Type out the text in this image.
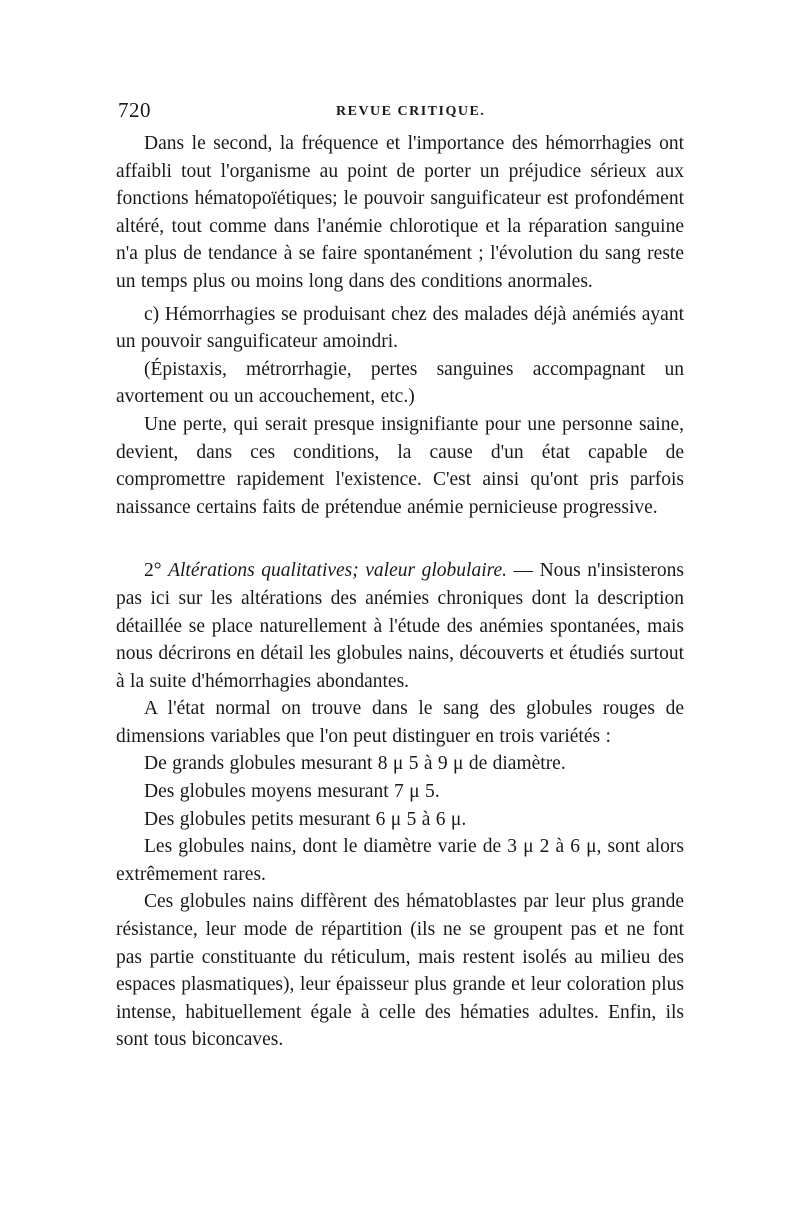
720	REVUE CRITIQUE.

Dans le second, la fréquence et l'importance des hémorrhagies ont affaibli tout l'organisme au point de porter un préjudice sérieux aux fonctions hématopoïétiques; le pouvoir sanguificateur est profondément altéré, tout comme dans l'anémie chlorotique et la réparation sanguine n'a plus de tendance à se faire spontanément ; l'évolution du sang reste un temps plus ou moins long dans des conditions anormales.

c) Hémorrhagies se produisant chez des malades déjà anémiés ayant un pouvoir sanguificateur amoindri.

(Épistaxis, métrorrhagie, pertes sanguines accompagnant un avortement ou un accouchement, etc.)

Une perte, qui serait presque insignifiante pour une personne saine, devient, dans ces conditions, la cause d'un état capable de compromettre rapidement l'existence. C'est ainsi qu'ont pris parfois naissance certains faits de prétendue anémie pernicieuse progressive.

2° Altérations qualitatives; valeur globulaire. — Nous n'insisterons pas ici sur les altérations des anémies chroniques dont la description détaillée se place naturellement à l'étude des anémies spontanées, mais nous décrirons en détail les globules nains, découverts et étudiés surtout à la suite d'hémorrhagies abondantes.

A l'état normal on trouve dans le sang des globules rouges de dimensions variables que l'on peut distinguer en trois variétés :

De grands globules mesurant 8 μ 5 à 9 μ de diamètre.

Des globules moyens mesurant 7 μ 5.

Des globules petits mesurant 6 μ 5 à 6 μ.

Les globules nains, dont le diamètre varie de 3 μ 2 à 6 μ, sont alors extrêmement rares.

Ces globules nains diffèrent des hématoblastes par leur plus grande résistance, leur mode de répartition (ils ne se groupent pas et ne font pas partie constituante du réticulum, mais restent isolés au milieu des espaces plasmatiques), leur épaisseur plus grande et leur coloration plus intense, habituellement égale à celle des hématies adultes. Enfin, ils sont tous biconcaves.
